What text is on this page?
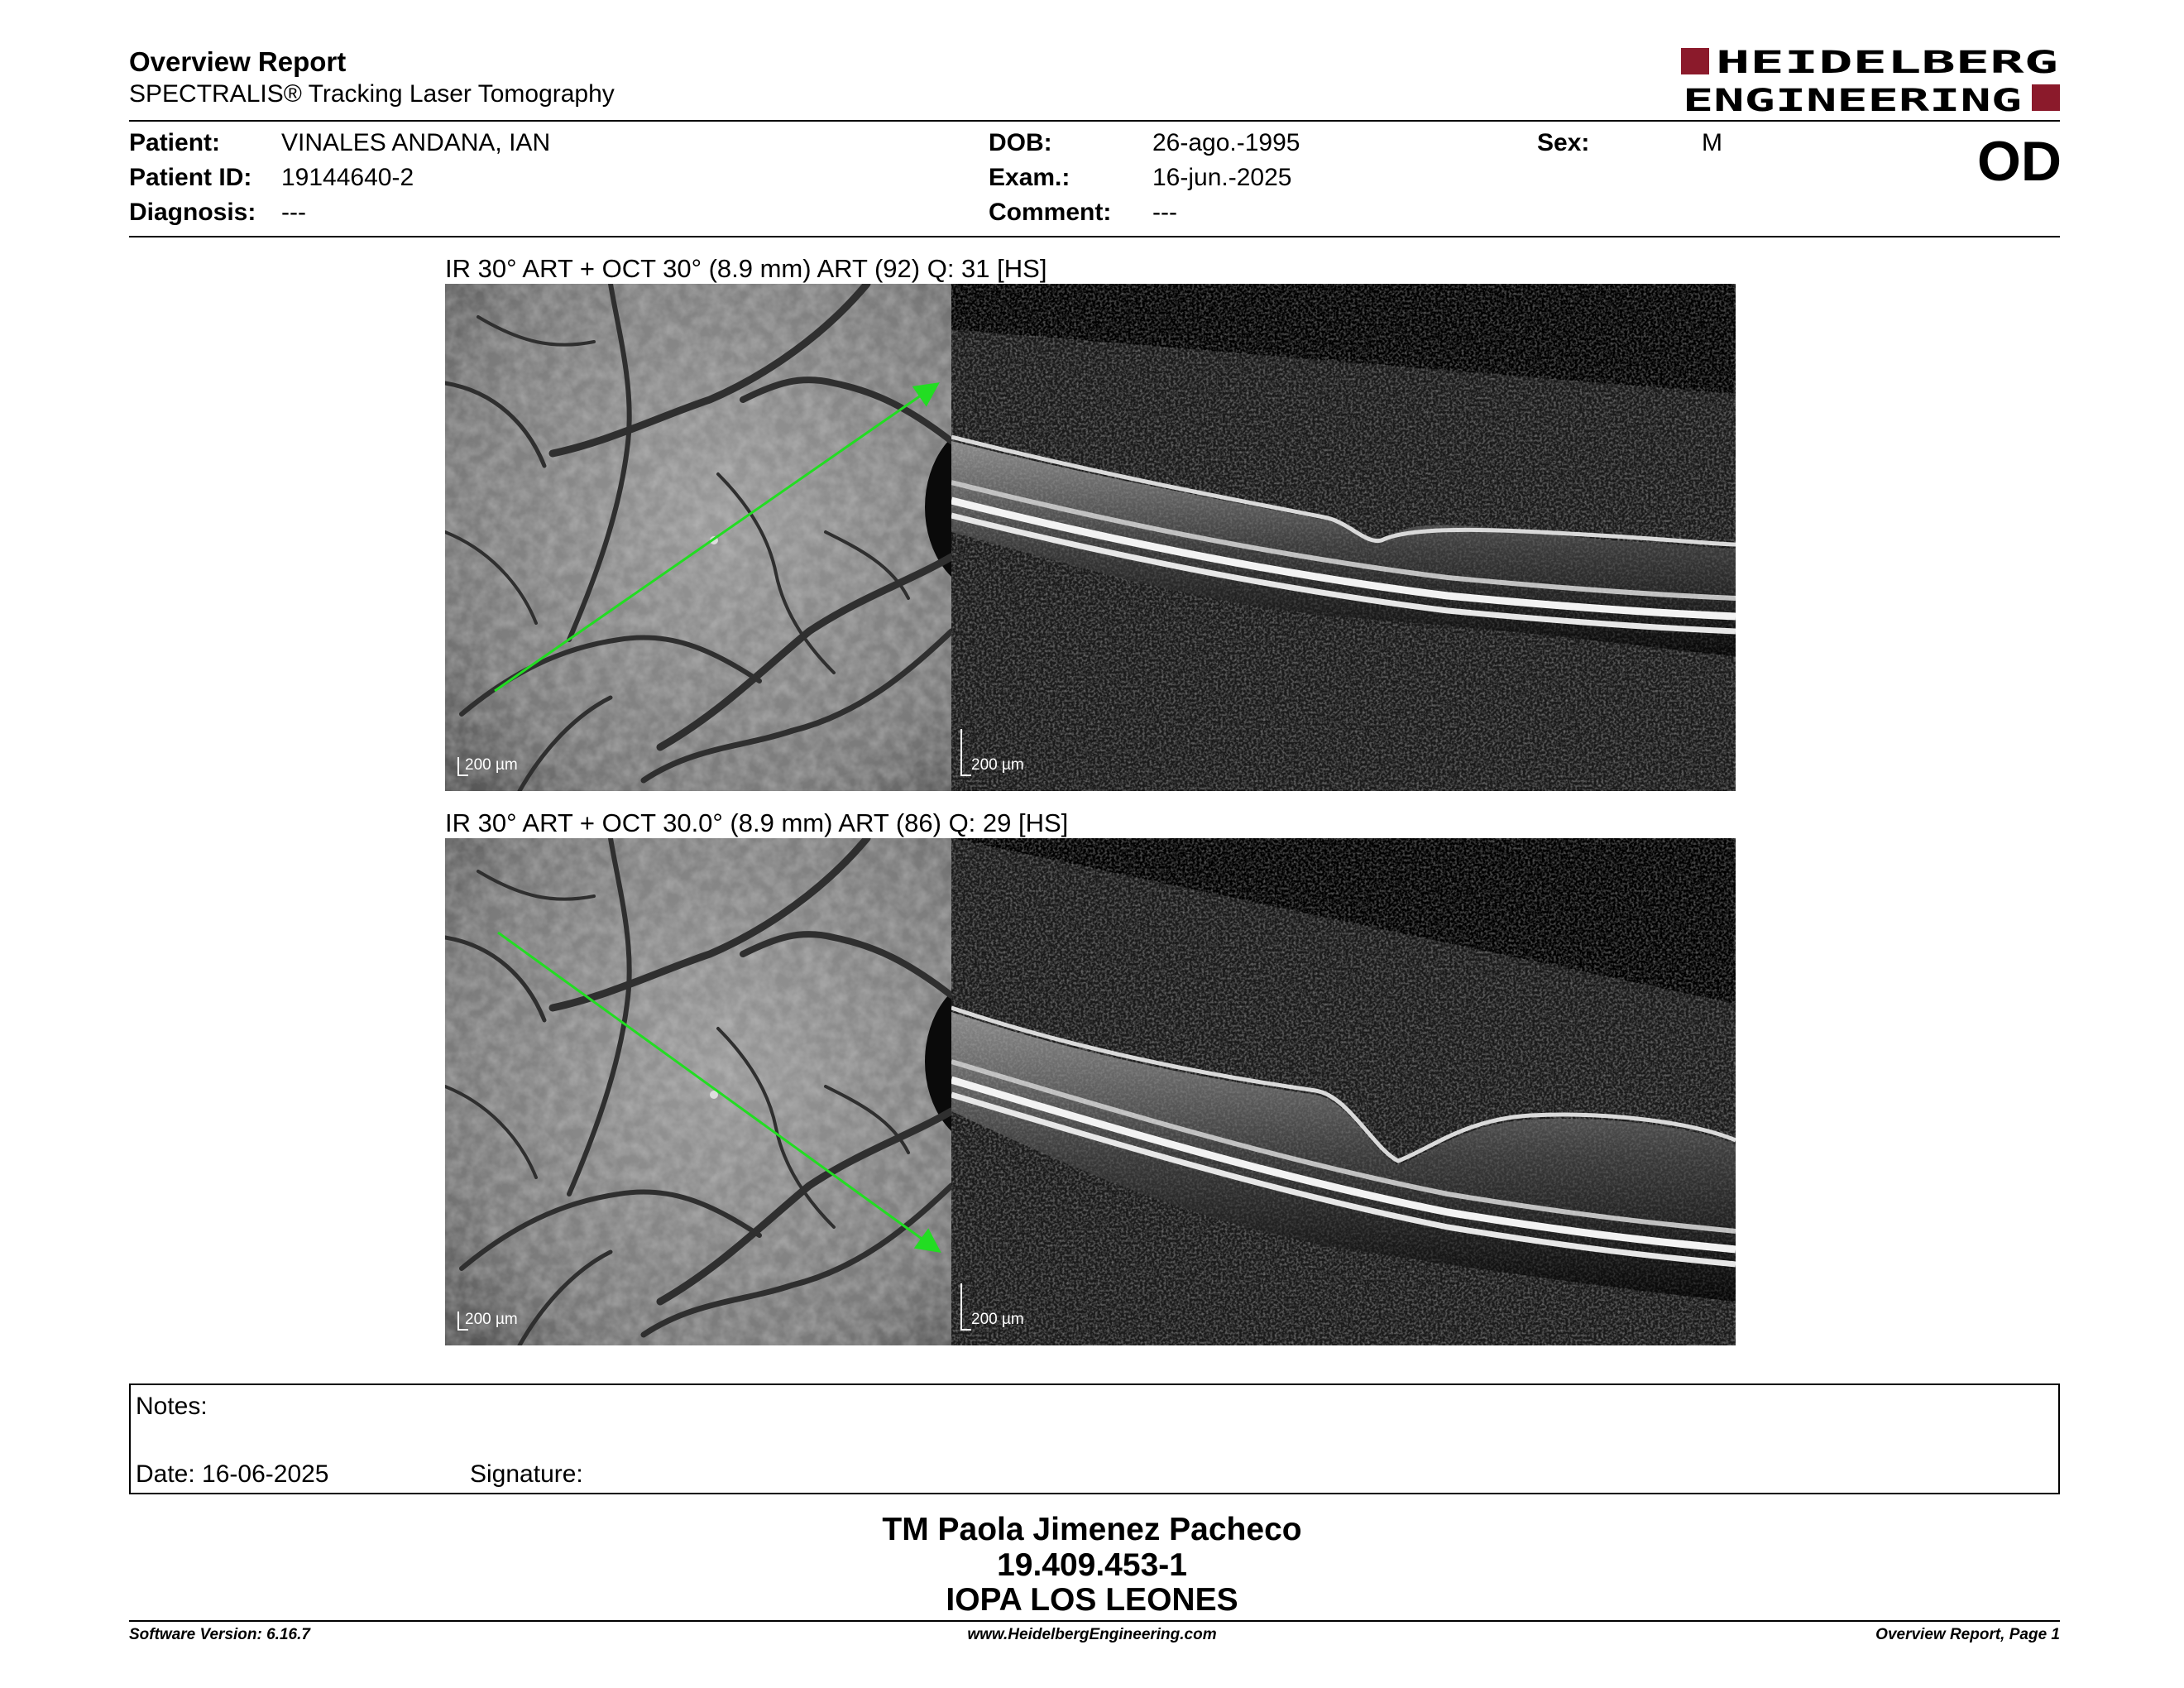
Overview Report
SPECTRALIS® Tracking Laser Tomography
HEIDELBERG
ENGINEERING
Patient: VINALES ANDANA, IAN
Patient ID: 19144640-2
Diagnosis: ---
DOB:	26-ago.-1995
Exam.:	16-jun.-2025
Comment: ---
Sex:	M	OD
IR 30° ART + OCT 30° (8.9 mm) ART (92) Q: 31 [HS]
200 µm	200 µm
IR 30° ART + OCT 30.0° (8.9 mm) ART (86) Q: 29 [HS]
200 µm	200 µm
Notes:
Date: 16-06-2025	Signature:
TM Paola Jimenez Pacheco
19.409.453-1
IOPA LOS LEONES
Software Version: 6.16.7	www.HeidelbergEngineering.com	Overview Report, Page 1
